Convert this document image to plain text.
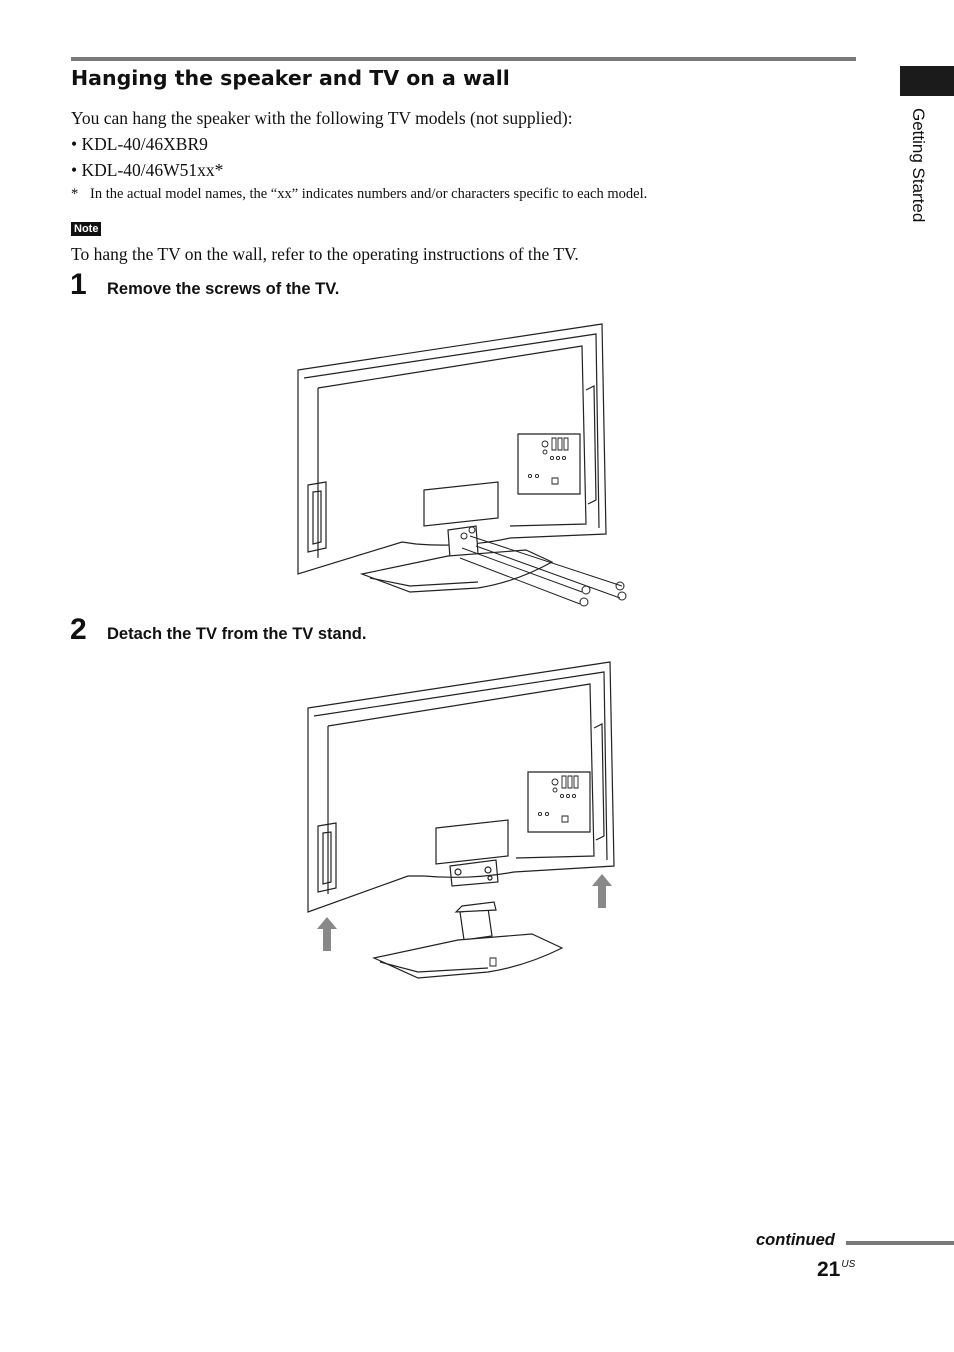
Hanging the speaker and TV on a wall
Getting Started
You can hang the speaker with the following TV models (not supplied):
• KDL-40/46XBR9
• KDL-40/46W51xx*
* In the actual model names, the “xx” indicates numbers and/or characters specific to each model.
Note
To hang the TV on the wall, refer to the operating instructions of the TV.
1 Remove the screws of the TV.
2 Detach the TV from the TV stand.
continued
$21^{US}$
